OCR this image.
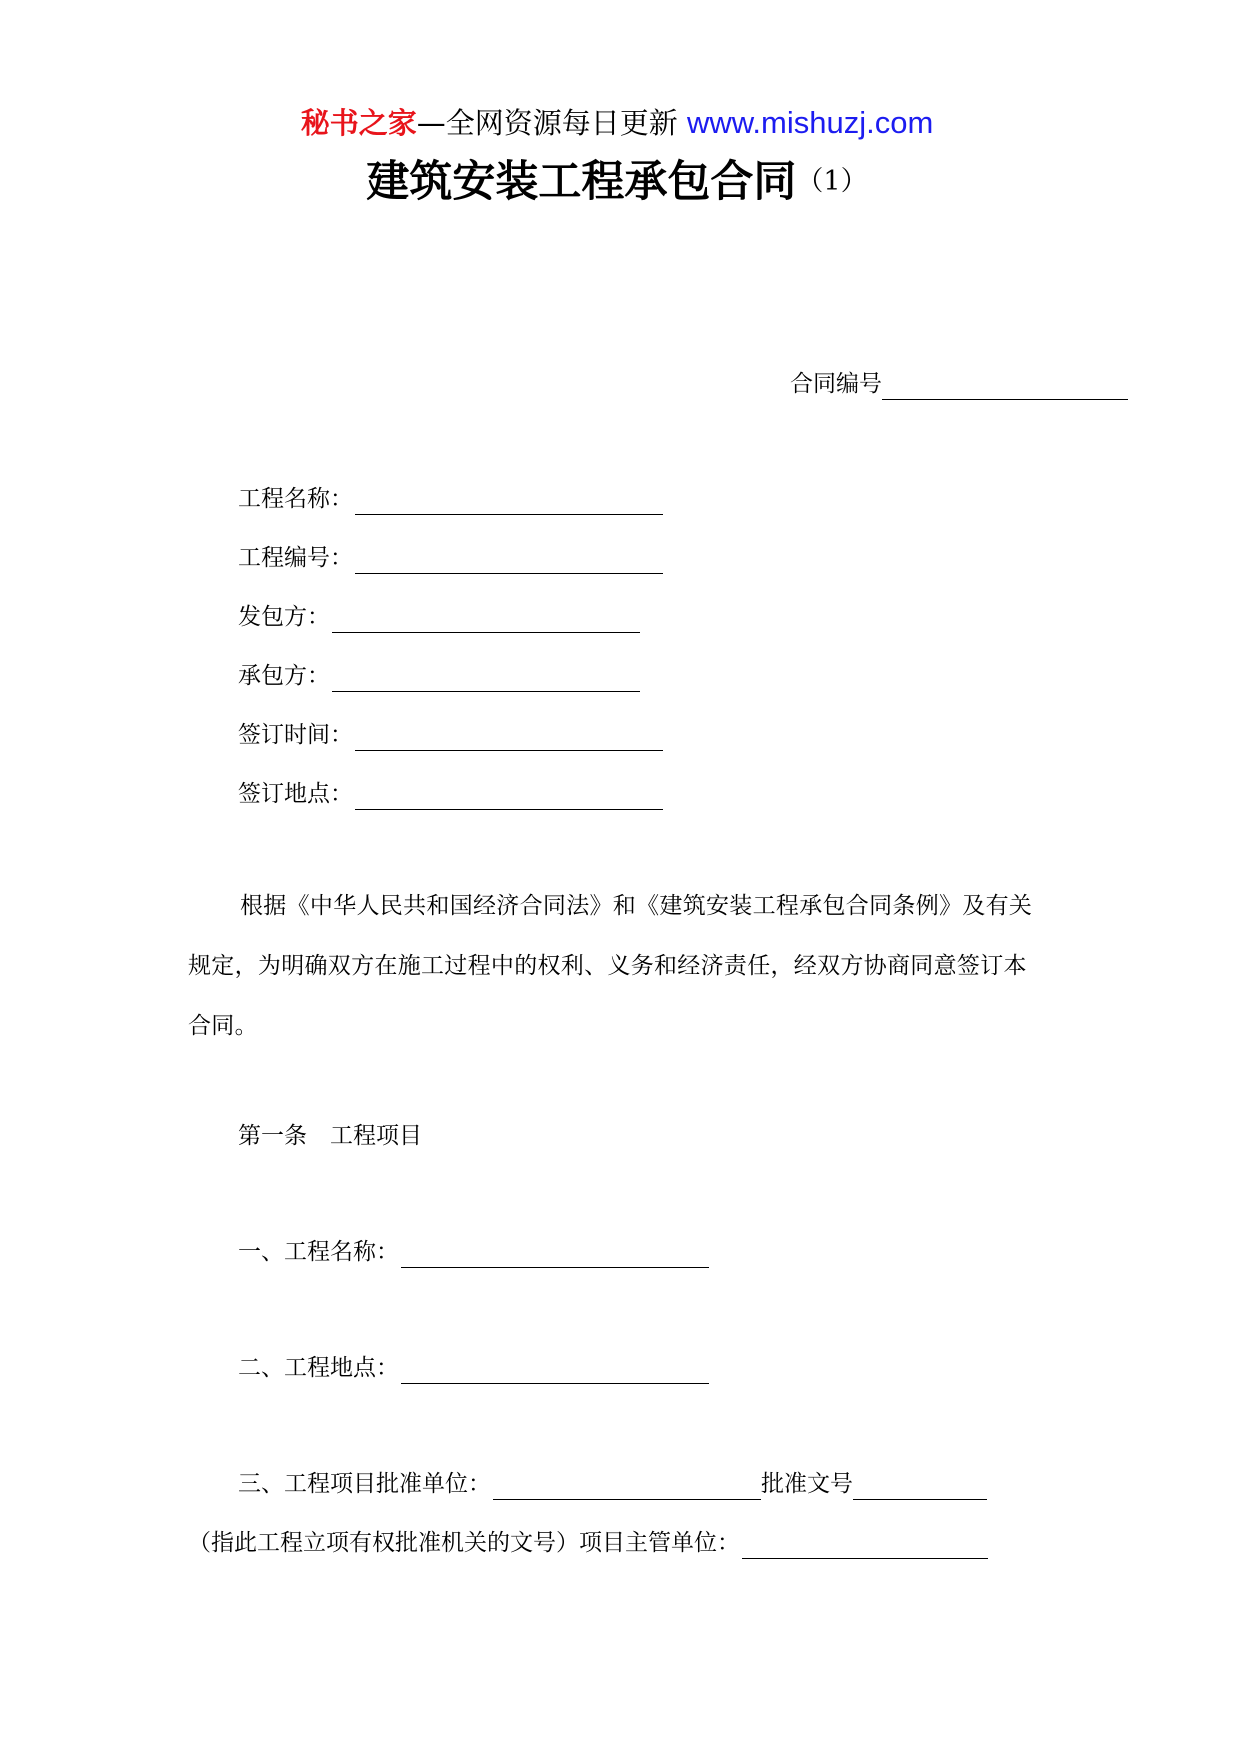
秘书之家—全网资源每日更新 www.mishuzj.com
建筑安装工程承包合同（1）
合同编号
工程名称：
工程编号：
发包方：
承包方：
签订时间：
签订地点：
根据《中华人民共和国经济合同法》和《建筑安装工程承包合同条例》及有关规定，为明确双方在施工过程中的权利、义务和经济责任，经双方协商同意签订本合同。
第一条　工程项目
一、工程名称：
二、工程地点：
三、工程项目批准单位：	批准文号
（指此工程立项有权批准机关的文号）项目主管单位：
